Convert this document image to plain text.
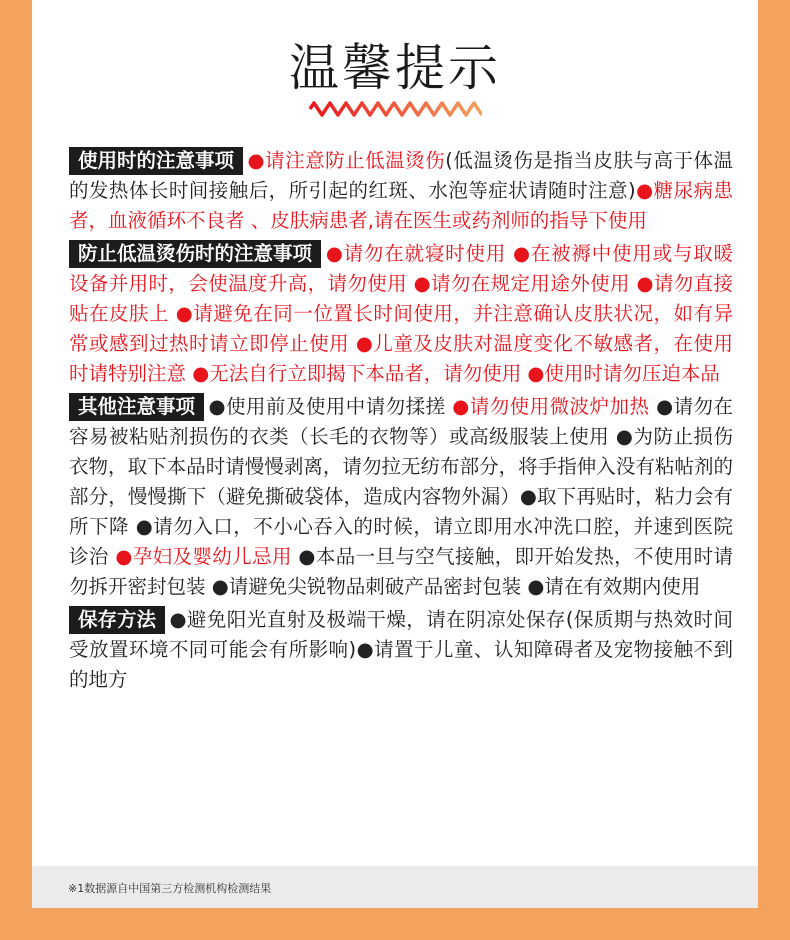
温馨提示
使用时的注意事项 ●请注意防止低温烫伤(低温烫伤是指当皮肤与高于体温的发热体长时间接触后，所引起的红斑、水泡等症状请随时注意)●糖尿病患者，血液循环不良者 、皮肤病患者,请在医生或药剂师的指导下使用
防止低温烫伤时的注意事项 ●请勿在就寝时使用 ●在被褥中使用或与取暖设备并用时，会使温度升高，请勿使用 ●请勿在规定用途外使用 ●请勿直接贴在皮肤上 ●请避免在同一位置长时间使用，并注意确认皮肤状况，如有异常或感到过热时请立即停止使用 ●儿童及皮肤对温度变化不敏感者，在使用时请特别注意 ●无法自行立即揭下本品者，请勿使用 ●使用时请勿压迫本品
其他注意事项 ●使用前及使用中请勿揉搓 ●请勿使用微波炉加热 ●请勿在容易被粘贴剂损伤的衣类（长毛的衣物等）或高级服装上使用 ●为防止损伤衣物，取下本品时请慢慢剥离，请勿拉无纺布部分，将手指伸入没有粘帖剂的部分，慢慢撕下（避免撕破袋体，造成内容物外漏）●取下再贴时，粘力会有所下降 ●请勿入口，不小心吞入的时候，请立即用水冲洗口腔，并速到医院诊治 ●孕妇及婴幼儿忌用 ●本品一旦与空气接触，即开始发热，不使用时请勿拆开密封包装 ●请避免尖锐物品刺破产品密封包装 ●请在有效期内使用
保存方法 ●避免阳光直射及极端干燥，请在阴凉处保存(保质期与热效时间受放置环境不同可能会有所影响)●请置于儿童、认知障碍者及宠物接触不到的地方
※1数据源自中国第三方检测机构检测结果
